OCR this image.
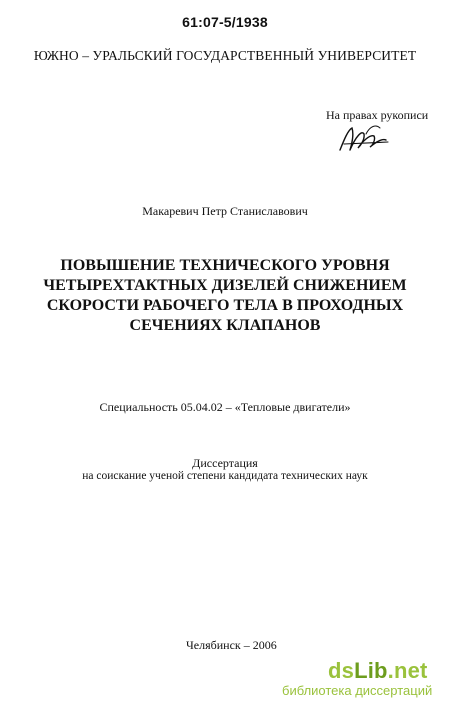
61:07-5/1938
ЮЖНО – УРАЛЬСКИЙ ГОСУДАРСТВЕННЫЙ УНИВЕРСИТЕТ
На правах рукописи
Макаревич Петр Станиславович
ПОВЫШЕНИЕ ТЕХНИЧЕСКОГО УРОВНЯ
ЧЕТЫРЕХТАКТНЫХ ДИЗЕЛЕЙ СНИЖЕНИЕМ
СКОРОСТИ РАБОЧЕГО ТЕЛА В ПРОХОДНЫХ
СЕЧЕНИЯХ КЛАПАНОВ
Специальность 05.04.02 – «Тепловые двигатели»
Диссертация
на соискание ученой степени кандидата технических наук
Челябинск – 2006
dsLib.net
библиотека диссертаций
